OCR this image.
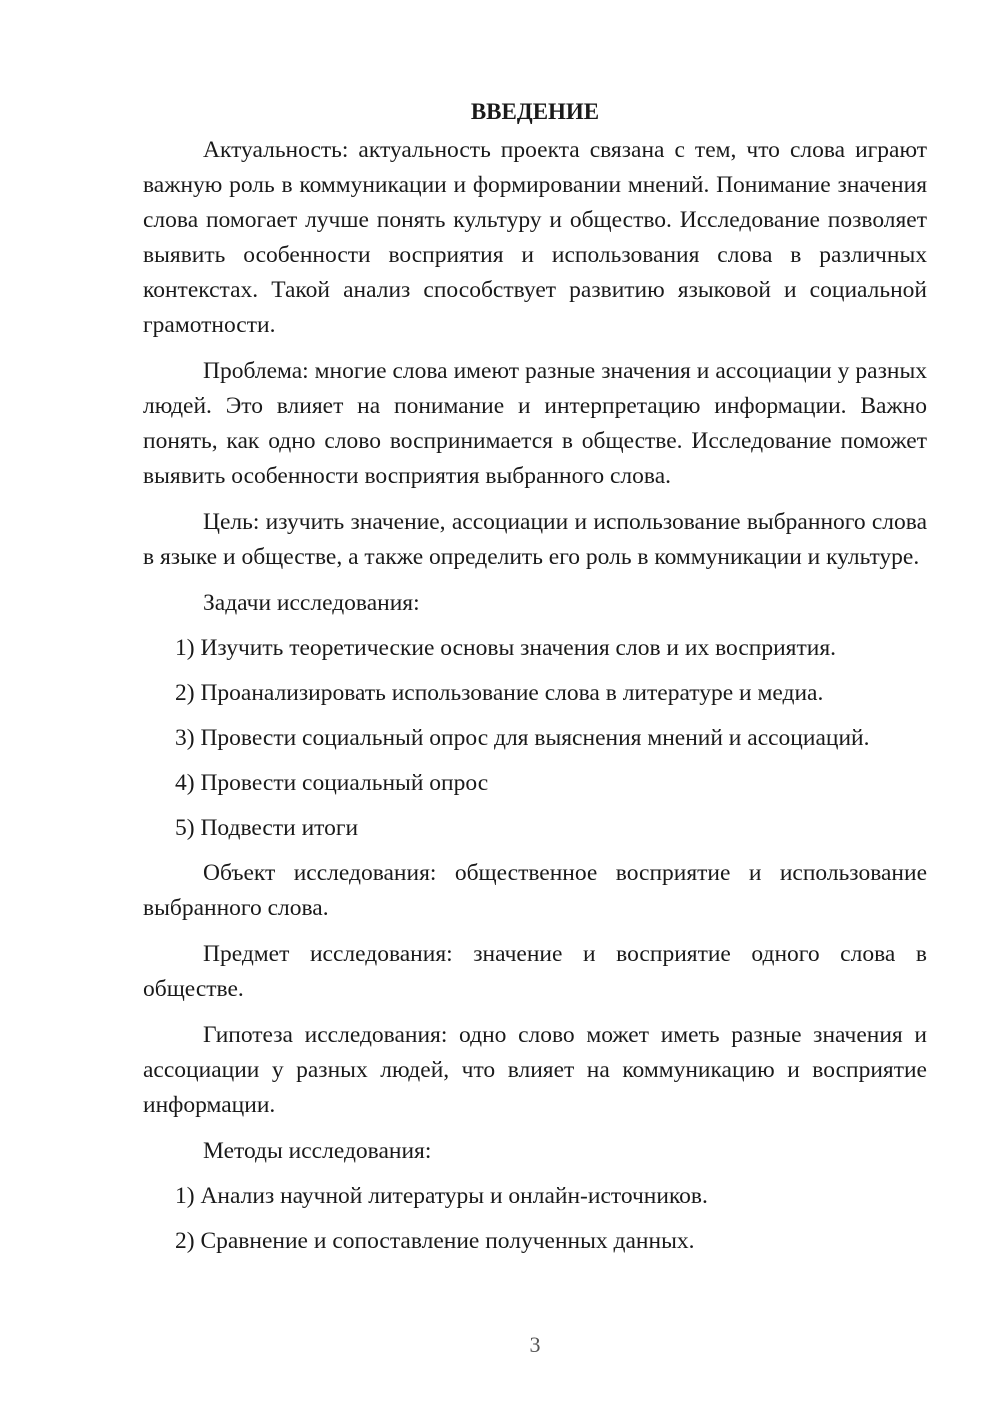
ВВЕДЕНИЕ

Актуальность: актуальность проекта связана с тем, что слова играют важную роль в коммуникации и формировании мнений. Понимание значения слова помогает лучше понять культуру и общество. Исследование позволяет выявить особенности восприятия и использования слова в различных контекстах. Такой анализ способствует развитию языковой и социальной грамотности.

Проблема: многие слова имеют разные значения и ассоциации у разных людей. Это влияет на понимание и интерпретацию информации. Важно понять, как одно слово воспринимается в обществе. Исследование поможет выявить особенности восприятия выбранного слова.

Цель: изучить значение, ассоциации и использование выбранного слова в языке и обществе, а также определить его роль в коммуникации и культуре.

Задачи исследования:

1) Изучить теоретические основы значения слов и их восприятия.

2) Проанализировать использование слова в литературе и медиа.

3) Провести социальный опрос для выяснения мнений и ассоциаций.

4) Провести социальный опрос

5) Подвести итоги

Объект исследования: общественное восприятие и использование выбранного слова.

Предмет исследования: значение и восприятие одного слова в обществе.

Гипотеза исследования: одно слово может иметь разные значения и ассоциации у разных людей, что влияет на коммуникацию и восприятие информации.

Методы исследования:

1) Анализ научной литературы и онлайн-источников.

2) Сравнение и сопоставление полученных данных.

3
